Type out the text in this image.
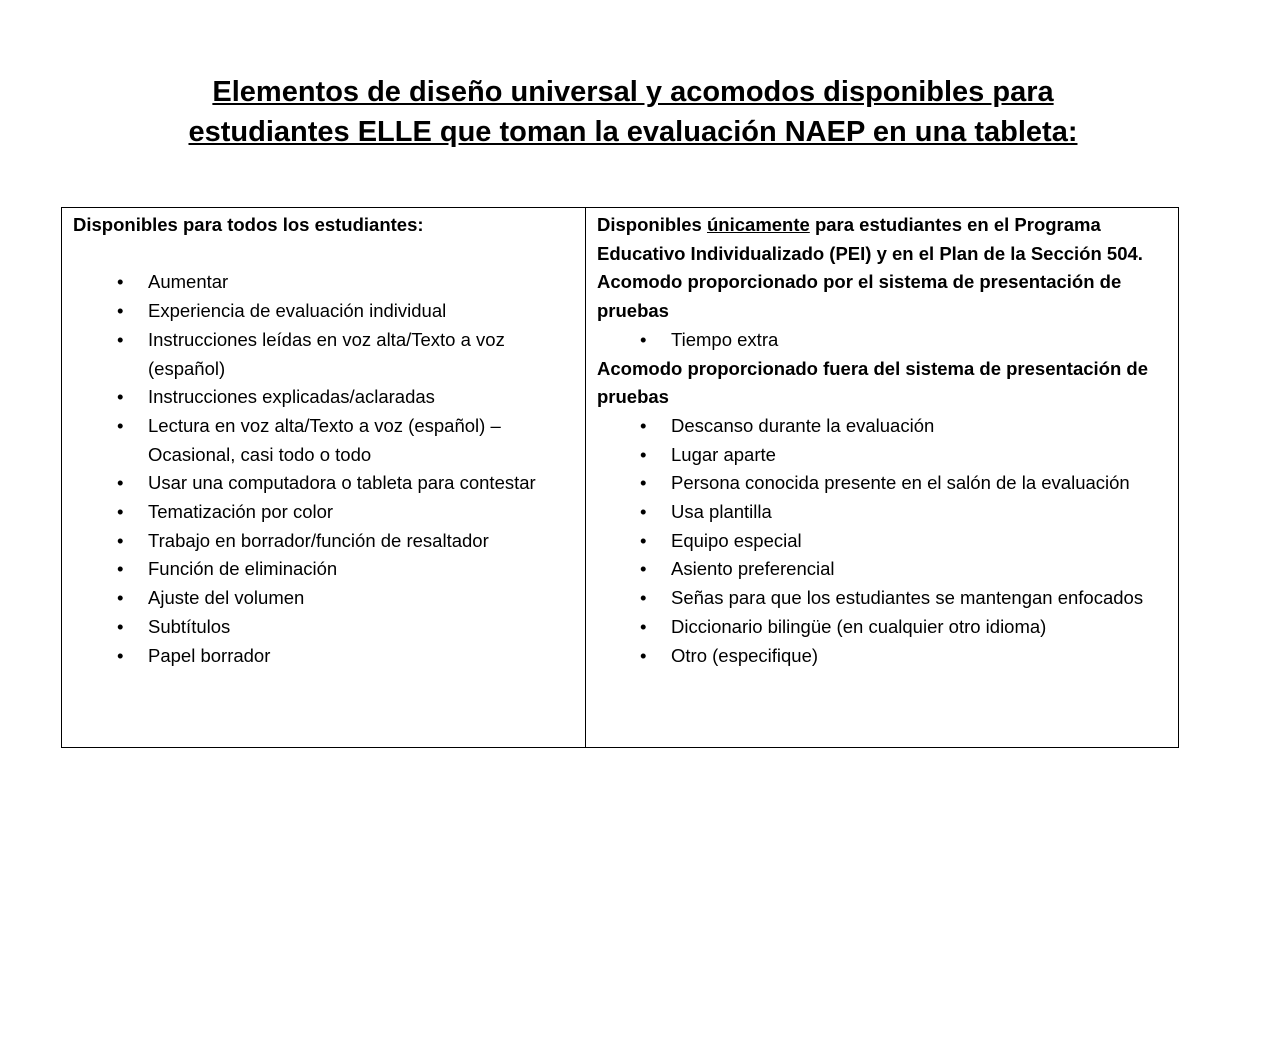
Elementos de diseño universal y acomodos disponibles para
estudiantes ELLE que toman la evaluación NAEP en una tableta:
Disponibles para todos los estudiantes:
• Aumentar
• Experiencia de evaluación individual
• Instrucciones leídas en voz alta/Texto a voz (español)
• Instrucciones explicadas/aclaradas
• Lectura en voz alta/Texto a voz (español) – Ocasional, casi todo o todo
• Usar una computadora o tableta para contestar
• Tematización por color
• Trabajo en borrador/función de resaltador
• Función de eliminación
• Ajuste del volumen
• Subtítulos
• Papel borrador
Disponibles únicamente para estudiantes en el Programa Educativo Individualizado (PEI) y en el Plan de la Sección 504.
Acomodo proporcionado por el sistema de presentación de pruebas
• Tiempo extra
Acomodo proporcionado fuera del sistema de presentación de pruebas
• Descanso durante la evaluación
• Lugar aparte
• Persona conocida presente en el salón de la evaluación
• Usa plantilla
• Equipo especial
• Asiento preferencial
• Señas para que los estudiantes se mantengan enfocados
• Diccionario bilingüe (en cualquier otro idioma)
• Otro (especifique)
